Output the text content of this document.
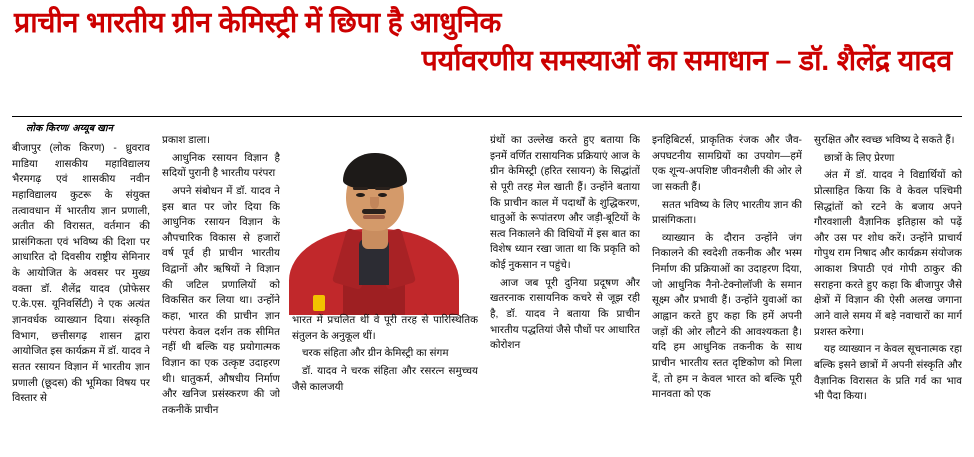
प्राचीन भारतीय ग्रीन केमिस्ट्री में छिपा है आधुनिक
पर्यावरणीय समस्याओं का समाधान – डॉ. शैलेंद्र यादव
लोक किरण/ अय्यूब खान

बीजापुर (लोक किरण) - ध्रुवराव माडिया शासकीय महाविद्यालय भैरमगढ़ एवं शासकीय नवीन महाविद्यालय कुटरू के संयुक्त तत्वावधान में भारतीय ज्ञान प्रणाली, अतीत की विरासत, वर्तमान की प्रासंगिकता एवं भविष्य की दिशा पर आधारित दो दिवसीय राष्ट्रीय सेमिनार के आयोजित के अवसर पर मुख्य वक्ता डॉ. शैलेंद्र यादव (प्रोफेसर ए.के.एस. यूनिवर्सिटी) ने एक अत्यंत ज्ञानवर्धक व्याख्यान दिया। संस्कृति विभाग, छत्तीसगढ़ शासन द्वारा आयोजित इस कार्यक्रम में डॉ. यादव ने सतत रसायन विज्ञान में भारतीय ज्ञान प्रणाली (छूदस) की भूमिका विषय पर विस्तार से

प्रकाश डाला।

आधुनिक रसायन विज्ञान है सदियों पुरानी है भारतीय परंपरा

अपने संबोधन में डॉ. यादव ने इस बात पर जोर दिया कि आधुनिक रसायन विज्ञान के औपचारिक विकास से हजारों वर्ष पूर्व ही प्राचीन भारतीय विद्वानों और ऋषियों ने विज्ञान की जटिल प्रणालियों को विकसित कर लिया था। उन्होंने कहा, भारत की प्राचीन ज्ञान परंपरा केवल दर्शन तक सीमित नहीं थी बल्कि यह प्रयोगात्मक विज्ञान का एक उत्कृष्ट उदाहरण थी। धातुकर्म, औषधीय निर्माण और खनिज प्रसंस्करण की जो तकनीकें प्राचीन

भारत में प्रचलित थीं वे पूरी तरह से पारिस्थितिक संतुलन के अनुकूल थीं।

चरक संहिता और ग्रीन केमिस्ट्री का संगम

डॉ. यादव ने चरक संहिता और रसरत्न समुच्चय जैसे कालजयी

ग्रंथों का उल्लेख करते हुए बताया कि इनमें वर्णित रासायनिक प्रक्रियाएं आज के ग्रीन केमिस्ट्री (हरित रसायन) के सिद्धांतों से पूरी तरह मेल खाती हैं। उन्होंने बताया कि प्राचीन काल में पदार्थों के शुद्धिकरण, धातुओं के रूपांतरण और जड़ी-बूटियों के सत्व निकालने की विधियों में इस बात का विशेष ध्यान रखा जाता था कि प्रकृति को कोई नुकसान न पहुंचे।

आज जब पूरी दुनिया प्रदूषण और खतरनाक रासायनिक कचरे से जूझ रही है, डॉ. यादव ने बताया कि प्राचीन भारतीय पद्धतियां जैसे पौधों पर आधारित कोरोशन

इनहिबिटर्स, प्राकृतिक रंजक और जैव-अपघटनीय सामग्रियों का उपयोग—हमें एक शून्य-अपशिष्ट जीवनशैली की ओर ले जा सकती हैं।

सतत भविष्य के लिए भारतीय ज्ञान की प्रासंगिकता।

व्याख्यान के दौरान उन्होंने जंग निकालने की स्वदेशी तकनीक और भस्म निर्माण की प्रक्रियाओं का उदाहरण दिया, जो आधुनिक नैनो-टेक्नोलॉजी के समान सूक्ष्म और प्रभावी हैं। उन्होंने युवाओं का आह्वान करते हुए कहा कि हमें अपनी जड़ों की ओर लौटने की आवश्यकता है। यदि हम आधुनिक तकनीक के साथ प्राचीन भारतीय स्तत दृष्टिकोण को मिला दें, तो हम न केवल भारत को बल्कि पूरी मानवता को एक

सुरक्षित और स्वच्छ भविष्य दे सकते हैं।

छात्रों के लिए प्रेरणा

अंत में डॉ. यादव ने विद्यार्थियों को प्रोत्साहित किया कि वे केवल पश्चिमी सिद्धांतों को रटने के बजाय अपने गौरवशाली वैज्ञानिक इतिहास को पढ़ें और उस पर शोध करें। उन्होंने प्राचार्य गोपुथ राम निषाद और कार्यक्रम संयोजक आकाश त्रिपाठी एवं गोपी ठाकुर की सराहना करते हुए कहा कि बीजापुर जैसे क्षेत्रों में विज्ञान की ऐसी अलख जगाना आने वाले समय में बड़े नवाचारों का मार्ग प्रशस्त करेगा।

यह व्याख्यान न केवल सूचनात्मक रहा बल्कि इसने छात्रों में अपनी संस्कृति और वैज्ञानिक विरासत के प्रति गर्व का भाव भी पैदा किया।
